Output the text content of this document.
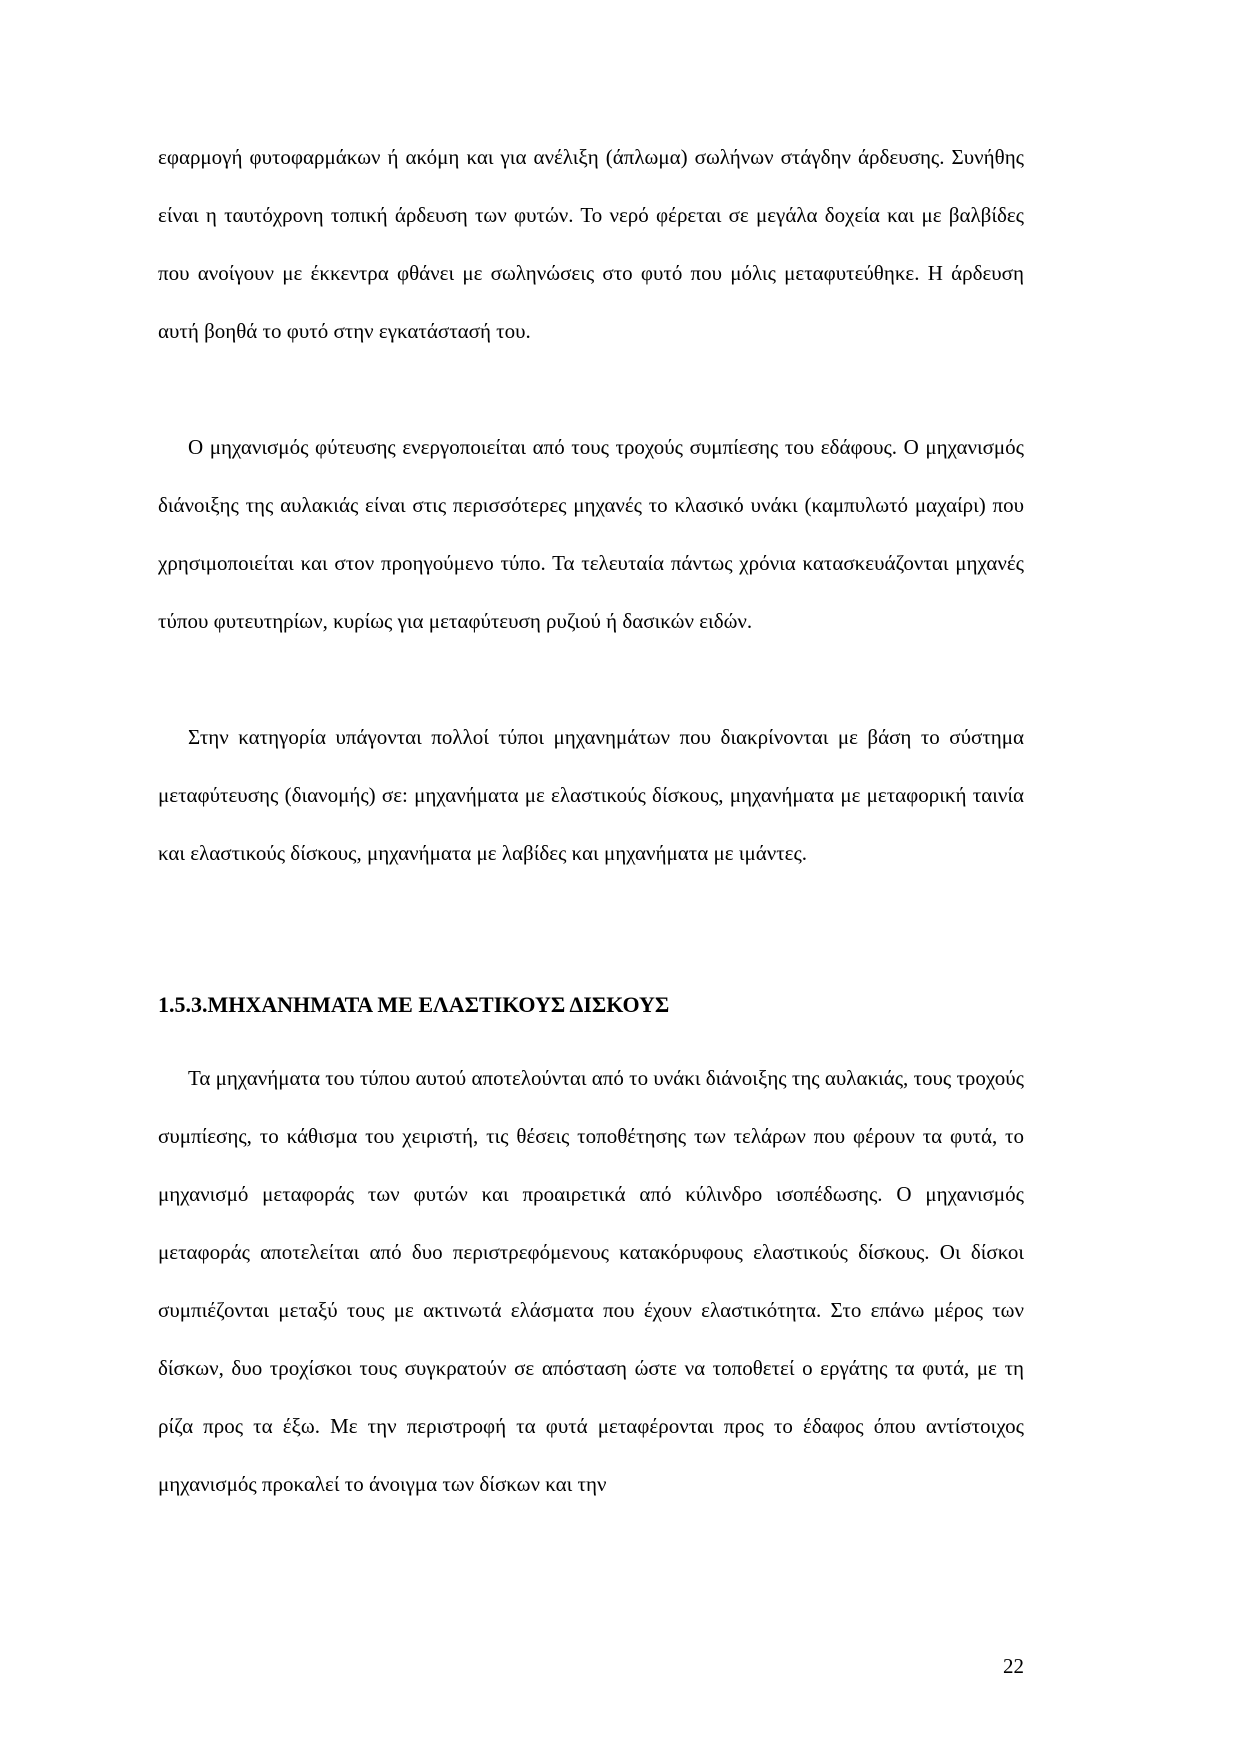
εφαρμογή φυτοφαρμάκων ή ακόμη και για ανέλιξη (άπλωμα) σωλήνων στάγδην άρδευσης. Συνήθης είναι η ταυτόχρονη τοπική άρδευση των φυτών. Το νερό φέρεται σε μεγάλα δοχεία και με βαλβίδες που ανοίγουν με έκκεντρα φθάνει με σωληνώσεις στο φυτό που μόλις μεταφυτεύθηκε. Η άρδευση αυτή βοηθά το φυτό στην εγκατάστασή του.

Ο μηχανισμός φύτευσης ενεργοποιείται από τους τροχούς συμπίεσης του εδάφους. Ο μηχανισμός διάνοιξης της αυλακιάς είναι στις περισσότερες μηχανές το κλασικό υνάκι (καμπυλωτό μαχαίρι) που χρησιμοποιείται και στον προηγούμενο τύπο. Τα τελευταία πάντως χρόνια κατασκευάζονται μηχανές τύπου φυτευτηρίων, κυρίως για μεταφύτευση ρυζιού ή δασικών ειδών.

Στην κατηγορία υπάγονται πολλοί τύποι μηχανημάτων που διακρίνονται με βάση το σύστημα μεταφύτευσης (διανομής) σε: μηχανήματα με ελαστικούς δίσκους, μηχανήματα με μεταφορική ταινία και ελαστικούς δίσκους, μηχανήματα με λαβίδες και μηχανήματα με ιμάντες.

1.5.3.ΜΗΧΑΝΗΜΑΤΑ ΜΕ ΕΛΑΣΤΙΚΟΥΣ ΔΙΣΚΟΥΣ

Τα μηχανήματα του τύπου αυτού αποτελούνται από το υνάκι διάνοιξης της αυλακιάς, τους τροχούς συμπίεσης, το κάθισμα του χειριστή, τις θέσεις τοποθέτησης των τελάρων που φέρουν τα φυτά, το μηχανισμό μεταφοράς των φυτών και προαιρετικά από κύλινδρο ισοπέδωσης. Ο μηχανισμός μεταφοράς αποτελείται από δυο περιστρεφόμενους κατακόρυφους ελαστικούς δίσκους. Οι δίσκοι συμπιέζονται μεταξύ τους με ακτινωτά ελάσματα που έχουν ελαστικότητα. Στο επάνω μέρος των δίσκων, δυο τροχίσκοι τους συγκρατούν σε απόσταση ώστε να τοποθετεί ο εργάτης τα φυτά, με τη ρίζα προς τα έξω. Με την περιστροφή τα φυτά μεταφέρονται προς το έδαφος όπου αντίστοιχος μηχανισμός προκαλεί το άνοιγμα των δίσκων και την

22
